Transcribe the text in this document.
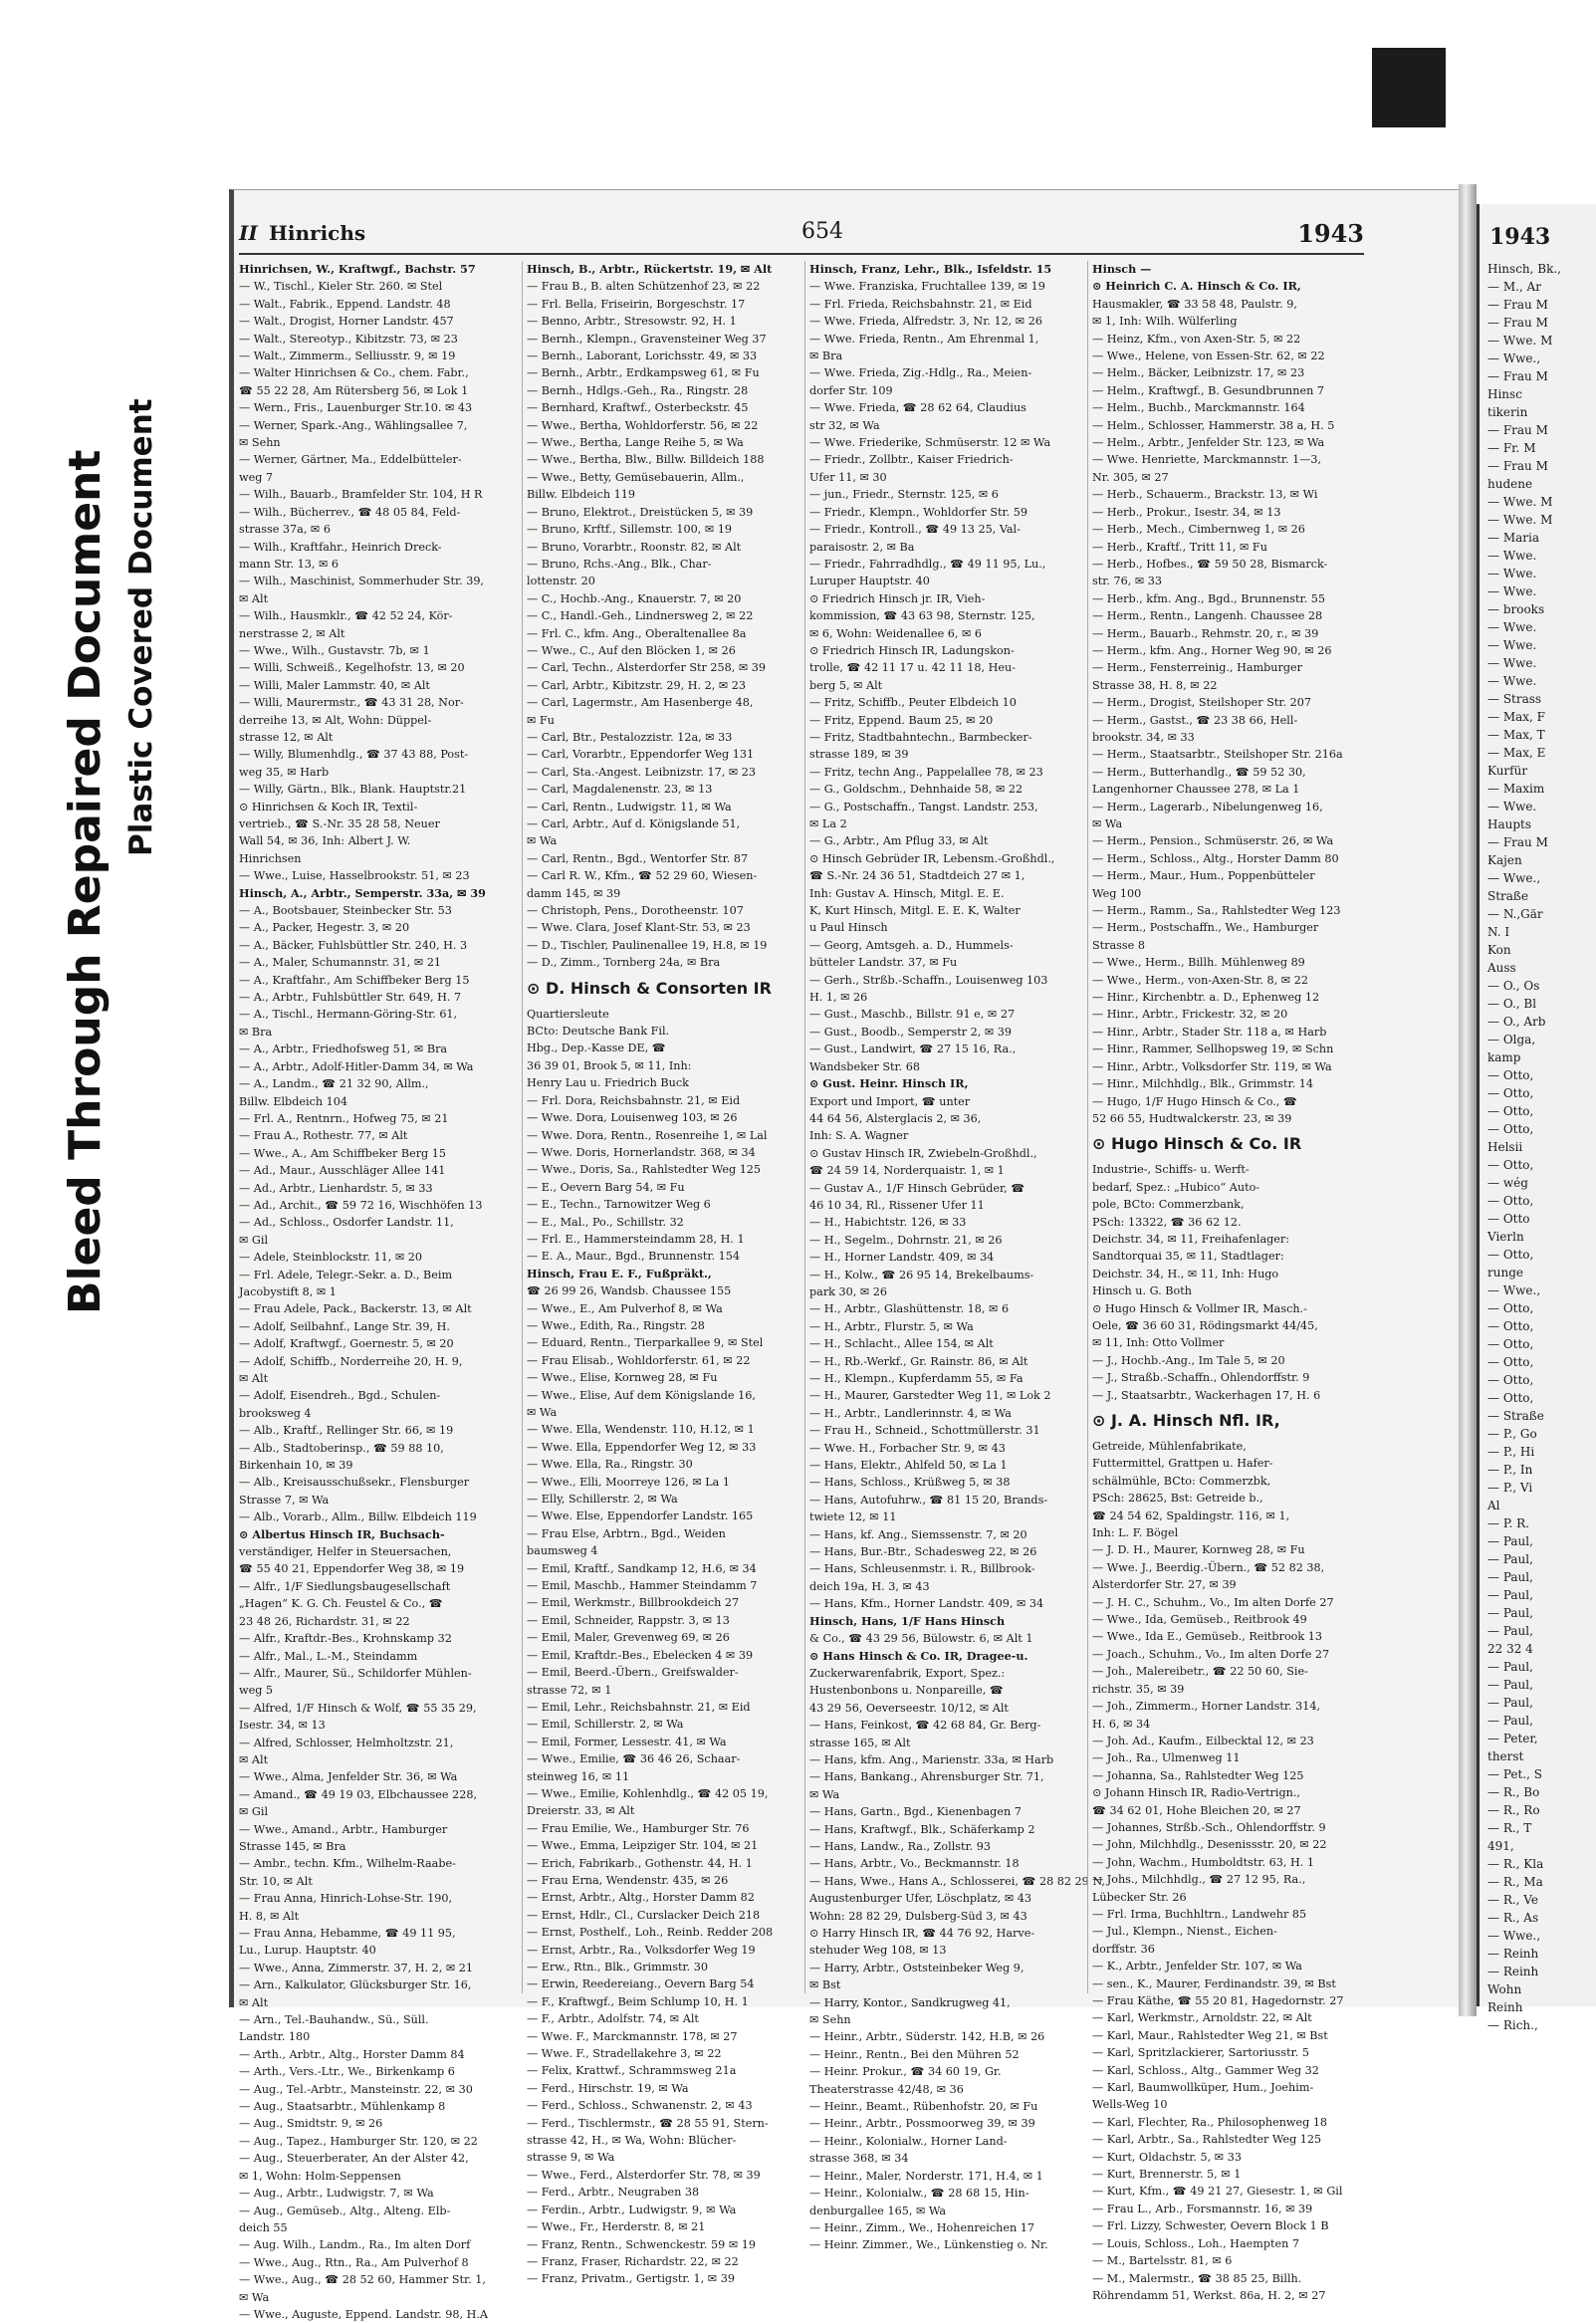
Bleed Through Repaired Document Plastic Covered Document
1943
Hinsch, Bk.,
— M., Ar
— Frau M
— Frau M
— Wwe. M
— Wwe.,
— Frau M
Hinsc
tikerin
— Frau M
— Fr. M
— Frau M
hudene
— Wwe. M
— Wwe. M
— Maria
— Wwe.
— Wwe.
— Wwe.
— brooks
— Wwe.
— Wwe.
— Wwe.
— Wwe.
— Strass
— Max, F
— Max, T
— Max, E
Kurfür
— Maxim
— Wwe.
Haupts
— Frau M
Kajen
— Wwe.,
Straße
— N.,Gär
N. I
Kon
Auss
— O., Os
— O., Bl
— O., Arb
— Olga,
kamp
— Otto,
— Otto,
— Otto,
— Otto,
Helsii
— Otto,
— wég
— Otto,
— Otto
Vierln
— Otto,
runge
— Wwe.,
— Otto,
— Otto,
— Otto,
— Otto,
— Otto,
— Otto,
— Straße
— P., Go
— P., Hi
— P., In
— P., Vi
Al
— P. R.
— Paul,
— Paul,
— Paul,
— Paul,
— Paul,
— Paul,
22 32 4
— Paul,
— Paul,
— Paul,
— Paul,
— Peter,
therst
— Pet., S
— R., Bo
— R., Ro
— R., T
491,
— R., Kla
— R., Ma
— R., Ve
— R., As
— Wwe.,
— Reinh
— Reinh
Wohn
Reinh
— Rich.,
II Hinrichs	654	1943
Hinrichsen, W., Kraftwgf., Bachstr. 57
— W., Tischl., Kieler Str. 260. ✉ Stel
— Walt., Fabrik., Eppend. Landstr. 48
— Walt., Drogist, Horner Landstr. 457
— Walt., Stereotyp., Kibitzstr. 73, ✉ 23
— Walt., Zimmerm., Selliusstr. 9, ✉ 19
— Walter Hinrichsen & Co., chem. Fabr.,
☎ 55 22 28, Am Rütersberg 56, ✉ Lok 1
— Wern., Fris., Lauenburger Str.10. ✉ 43
— Werner, Spark.-Ang., Wählingsallee 7,
✉ Sehn
— Werner, Gärtner, Ma., Eddelbütteler-
weg 7
— Wilh., Bauarb., Bramfelder Str. 104, H R
— Wilh., Bücherrev., ☎ 48 05 84, Feld-
strasse 37a, ✉ 6
— Wilh., Kraftfahr., Heinrich Dreck-
mann Str. 13, ✉ 6
— Wilh., Maschinist, Sommerhuder Str. 39,
✉ Alt
— Wilh., Hausmklr., ☎ 42 52 24, Kör-
nerstrasse 2, ✉ Alt
— Wwe., Wilh., Gustavstr. 7b, ✉ 1
— Willi, Schweiß., Kegelhofstr. 13, ✉ 20
— Willi, Maler Lammstr. 40, ✉ Alt
— Willi, Maurermstr., ☎ 43 31 28, Nor-
derreihe 13, ✉ Alt, Wohn: Düppel-
strasse 12, ✉ Alt
— Willy, Blumenhdlg., ☎ 37 43 88, Post-
weg 35, ✉ Harb
— Willy, Gärtn., Blk., Blank. Hauptstr.21
⊙ Hinrichsen & Koch IR, Textil-
vertrieb., ☎ S.-Nr. 35 28 58, Neuer
Wall 54, ✉ 36, Inh: Albert J. W.
Hinrichsen
— Wwe., Luise, Hasselbrookstr. 51, ✉ 23
Hinsch, A., Arbtr., Semperstr. 33a, ✉ 39
— A., Bootsbauer, Steinbecker Str. 53
— A., Packer, Hegestr. 3, ✉ 20
— A., Bäcker, Fuhlsbüttler Str. 240, H. 3
— A., Maler, Schumannstr. 31, ✉ 21
— A., Kraftfahr., Am Schiffbeker Berg 15
— A., Arbtr., Fuhlsbüttler Str. 649, H. 7
— A., Tischl., Hermann-Göring-Str. 61,
✉ Bra
— A., Arbtr., Friedhofsweg 51, ✉ Bra
— A., Arbtr., Adolf-Hitler-Damm 34, ✉ Wa
— A., Landm., ☎ 21 32 90, Allm.,
Billw. Elbdeich 104
— Frl. A., Rentnrn., Hofweg 75, ✉ 21
— Frau A., Rothestr. 77, ✉ Alt
— Wwe., A., Am Schiffbeker Berg 15
— Ad., Maur., Ausschläger Allee 141
— Ad., Arbtr., Lienhardstr. 5, ✉ 33
— Ad., Archit., ☎ 59 72 16, Wischhöfen 13
— Ad., Schloss., Osdorfer Landstr. 11,
✉ Gil
— Adele, Steinblockstr. 11, ✉ 20
— Frl. Adele, Telegr.-Sekr. a. D., Beim
Jacobystift 8, ✉ 1
— Frau Adele, Pack., Backerstr. 13, ✉ Alt
— Adolf, Seilbahnf., Lange Str. 39, H.
— Adolf, Kraftwgf., Goernestr. 5, ✉ 20
— Adolf, Schiffb., Norderreihe 20, H. 9,
✉ Alt
— Adolf, Eisendreh., Bgd., Schulen-
brooksweg 4
— Alb., Kraftf., Rellinger Str. 66, ✉ 19
— Alb., Stadtoberinsp., ☎ 59 88 10,
Birkenhain 10, ✉ 39
— Alb., Kreisausschußsekr., Flensburger
Strasse 7, ✉ Wa
— Alb., Vorarb., Allm., Billw. Elbdeich 119
⊙ Albertus Hinsch IR, Buchsach-
verständiger, Helfer in Steuersachen,
☎ 55 40 21, Eppendorfer Weg 38, ✉ 19
— Alfr., 1/F Siedlungsbaugesellschaft
„Hagen“ K. G. Ch. Feustel & Co., ☎
23 48 26, Richardstr. 31, ✉ 22
— Alfr., Kraftdr.-Bes., Krohnskamp 32
— Alfr., Mal., L.-M., Steindamm
— Alfr., Maurer, Sü., Schildorfer Mühlen-
weg 5
— Alfred, 1/F Hinsch & Wolf, ☎ 55 35 29,
Isestr. 34, ✉ 13
— Alfred, Schlosser, Helmholtzstr. 21,
✉ Alt
— Wwe., Alma, Jenfelder Str. 36, ✉ Wa
— Amand., ☎ 49 19 03, Elbchaussee 228,
✉ Gil
— Wwe., Amand., Arbtr., Hamburger
Strasse 145, ✉ Bra
— Ambr., techn. Kfm., Wilhelm-Raabe-
Str. 10, ✉ Alt
— Frau Anna, Hinrich-Lohse-Str. 190,
H. 8, ✉ Alt
— Frau Anna, Hebamme, ☎ 49 11 95,
Lu., Lurup. Hauptstr. 40
— Wwe., Anna, Zimmerstr. 37, H. 2, ✉ 21
— Arn., Kalkulator, Glücksburger Str. 16,
✉ Alt
— Arn., Tel.-Bauhandw., Sü., Süll.
Landstr. 180
— Arth., Arbtr., Altg., Horster Damm 84
— Arth., Vers.-Ltr., We., Birkenkamp 6
— Aug., Tel.-Arbtr., Mansteinstr. 22, ✉ 30
— Aug., Staatsarbtr., Mühlenkamp 8
— Aug., Smidtstr. 9, ✉ 26
— Aug., Tapez., Hamburger Str. 120, ✉ 22
— Aug., Steuerberater, An der Alster 42,
✉ 1, Wohn: Holm-Seppensen
— Aug., Arbtr., Ludwigstr. 7, ✉ Wa
— Aug., Gemüseb., Altg., Alteng. Elb-
deich 55
— Aug. Wilh., Landm., Ra., Im alten Dorf
— Wwe., Aug., Rtn., Ra., Am Pulverhof 8
— Wwe., Aug., ☎ 28 52 60, Hammer Str. 1,
✉ Wa
— Wwe., Auguste, Eppend. Landstr. 98, H.A
Hinsch, B., Arbtr., Rückertstr. 19, ✉ Alt
— Frau B., B. alten Schützenhof 23, ✉ 22
— Frl. Bella, Friseirin, Borgeschstr. 17
— Benno, Arbtr., Stresowstr. 92, H. 1
— Bernh., Klempn., Gravensteiner Weg 37
— Bernh., Laborant, Lorichsstr. 49, ✉ 33
— Bernh., Arbtr., Erdkampsweg 61, ✉ Fu
— Bernh., Hdlgs.-Geh., Ra., Ringstr. 28
— Bernhard, Kraftwf., Osterbeckstr. 45
— Wwe., Bertha, Wohldorferstr. 56, ✉ 22
— Wwe., Bertha, Lange Reihe 5, ✉ Wa
— Wwe., Bertha, Blw., Billw. Billdeich 188
— Wwe., Betty, Gemüsebauerin, Allm.,
Billw. Elbdeich 119
— Bruno, Elektrot., Dreistücken 5, ✉ 39
— Bruno, Krftf., Sillemstr. 100, ✉ 19
— Bruno, Vorarbtr., Roonstr. 82, ✉ Alt
— Bruno, Rchs.-Ang., Blk., Char-
lottenstr. 20
— C., Hochb.-Ang., Knauerstr. 7, ✉ 20
— C., Handl.-Geh., Lindnersweg 2, ✉ 22
— Frl. C., kfm. Ang., Oberaltenallee 8a
— Wwe., C., Auf den Blöcken 1, ✉ 26
— Carl, Techn., Alsterdorfer Str 258, ✉ 39
— Carl, Arbtr., Kibitzstr. 29, H. 2, ✉ 23
— Carl, Lagermstr., Am Hasenberge 48,
✉ Fu
— Carl, Btr., Pestalozzistr. 12a, ✉ 33
— Carl, Vorarbtr., Eppendorfer Weg 131
— Carl, Sta.-Angest. Leibnizstr. 17, ✉ 23
— Carl, Magdalenenstr. 23, ✉ 13
— Carl, Rentn., Ludwigstr. 11, ✉ Wa
— Carl, Arbtr., Auf d. Königslande 51,
✉ Wa
— Carl, Rentn., Bgd., Wentorfer Str. 87
— Carl R. W., Kfm., ☎ 52 29 60, Wiesen-
damm 145, ✉ 39
— Christoph, Pens., Dorotheenstr. 107
— Wwe. Clara, Josef Klant-Str. 53, ✉ 23
— D., Tischler, Paulinenallee 19, H.8, ✉ 19
— D., Zimm., Tornberg 24a, ✉ Bra
⊙ D. Hinsch & Consorten IR
Quartiersleute
BCto: Deutsche Bank Fil.
Hbg., Dep.-Kasse DE, ☎
36 39 01, Brook 5, ✉ 11, Inh:
Henry Lau u. Friedrich Buck
— Frl. Dora, Reichsbahnstr. 21, ✉ Eid
— Wwe. Dora, Louisenweg 103, ✉ 26
— Wwe. Dora, Rentn., Rosenreihe 1, ✉ Lal
— Wwe. Doris, Hornerlandstr. 368, ✉ 34
— Wwe., Doris, Sa., Rahlstedter Weg 125
— E., Oevern Barg 54, ✉ Fu
— E., Techn., Tarnowitzer Weg 6
— E., Mal., Po., Schillstr. 32
— Frl. E., Hammersteindamm 28, H. 1
— E. A., Maur., Bgd., Brunnenstr. 154
Hinsch, Frau E. F., Fußpräkt.,
☎ 26 99 26, Wandsb. Chaussee 155
— Wwe., E., Am Pulverhof 8, ✉ Wa
— Wwe., Edith, Ra., Ringstr. 28
— Eduard, Rentn., Tierparkallee 9, ✉ Stel
— Frau Elisab., Wohldorferstr. 61, ✉ 22
— Wwe., Elise, Kornweg 28, ✉ Fu
— Wwe., Elise, Auf dem Königslande 16,
✉ Wa
— Wwe. Ella, Wendenstr. 110, H.12, ✉ 1
— Wwe. Ella, Eppendorfer Weg 12, ✉ 33
— Wwe. Ella, Ra., Ringstr. 30
— Wwe., Elli, Moorreye 126, ✉ La 1
— Elly, Schillerstr. 2, ✉ Wa
— Wwe. Else, Eppendorfer Landstr. 165
— Frau Else, Arbtrn., Bgd., Weiden
baumsweg 4
— Emil, Kraftf., Sandkamp 12, H.6, ✉ 34
— Emil, Maschb., Hammer Steindamm 7
— Emil, Werkmstr., Billbrookdeich 27
— Emil, Schneider, Rappstr. 3, ✉ 13
— Emil, Maler, Grevenweg 69, ✉ 26
— Emil, Kraftdr.-Bes., Ebelecken 4 ✉ 39
— Emil, Beerd.-Übern., Greifswalder-
strasse 72, ✉ 1
— Emil, Lehr., Reichsbahnstr. 21, ✉ Eid
— Emil, Schillerstr. 2, ✉ Wa
— Emil, Former, Lessestr. 41, ✉ Wa
— Wwe., Emilie, ☎ 36 46 26, Schaar-
steinweg 16, ✉ 11
— Wwe., Emilie, Kohlenhdlg., ☎ 42 05 19,
Dreierstr. 33, ✉ Alt
— Frau Emilie, We., Hamburger Str. 76
— Wwe., Emma, Leipziger Str. 104, ✉ 21
— Erich, Fabrikarb., Gothenstr. 44, H. 1
— Frau Erna, Wendenstr. 435, ✉ 26
— Ernst, Arbtr., Altg., Horster Damm 82
— Ernst, Hdlr., Cl., Curslacker Deich 218
— Ernst, Posthelf., Loh., Reinb. Redder 208
— Ernst, Arbtr., Ra., Volksdorfer Weg 19
— Erw., Rtn., Blk., Grimmstr. 30
— Erwin, Reedereiang., Oevern Barg 54
— F., Kraftwgf., Beim Schlump 10, H. 1
— F., Arbtr., Adolfstr. 74, ✉ Alt
— Wwe. F., Marckmannstr. 178, ✉ 27
— Wwe. F., Stradellakehre 3, ✉ 22
— Felix, Krattwf., Schrammsweg 21a
— Ferd., Hirschstr. 19, ✉ Wa
— Ferd., Schloss., Schwanenstr. 2, ✉ 43
— Ferd., Tischlermstr., ☎ 28 55 91, Stern-
strasse 42, H., ✉ Wa, Wohn: Blücher-
strasse 9, ✉ Wa
— Wwe., Ferd., Alsterdorfer Str. 78, ✉ 39
— Ferd., Arbtr., Neugraben 38
— Ferdin., Arbtr., Ludwigstr. 9, ✉ Wa
— Wwe., Fr., Herderstr. 8, ✉ 21
— Franz, Rentn., Schwenckestr. 59 ✉ 19
— Franz, Fraser, Richardstr. 22, ✉ 22
— Franz, Privatm., Gertigstr. 1, ✉ 39
Hinsch, Franz, Lehr., Blk., Isfeldstr. 15
— Wwe. Franziska, Fruchtallee 139, ✉ 19
— Frl. Frieda, Reichsbahnstr. 21, ✉ Eid
— Wwe. Frieda, Alfredstr. 3, Nr. 12, ✉ 26
— Wwe. Frieda, Rentn., Am Ehrenmal 1,
✉ Bra
— Wwe. Frieda, Zig.-Hdlg., Ra., Meien-
dorfer Str. 109
— Wwe. Frieda, ☎ 28 62 64, Claudius
str 32, ✉ Wa
— Wwe. Friederike, Schmüserstr. 12 ✉ Wa
— Friedr., Zollbtr., Kaiser Friedrich-
Ufer 11, ✉ 30
— jun., Friedr., Sternstr. 125, ✉ 6
— Friedr., Klempn., Wohldorfer Str. 59
— Friedr., Kontroll., ☎ 49 13 25, Val-
paraisostr. 2, ✉ Ba
— Friedr., Fahrradhdlg., ☎ 49 11 95, Lu.,
Luruper Hauptstr. 40
⊙ Friedrich Hinsch jr. IR, Vieh-
kommission, ☎ 43 63 98, Sternstr. 125,
✉ 6, Wohn: Weidenallee 6, ✉ 6
⊙ Friedrich Hinsch IR, Ladungskon-
trolle, ☎ 42 11 17 u. 42 11 18, Heu-
berg 5, ✉ Alt
— Fritz, Schiffb., Peuter Elbdeich 10
— Fritz, Eppend. Baum 25, ✉ 20
— Fritz, Stadtbahntechn., Barmbecker-
strasse 189, ✉ 39
— Fritz, techn Ang., Pappelallee 78, ✉ 23
— G., Goldschm., Dehnhaide 58, ✉ 22
— G., Postschaffn., Tangst. Landstr. 253,
✉ La 2
— G., Arbtr., Am Pflug 33, ✉ Alt
⊙ Hinsch Gebrüder IR, Lebensm.-Großhdl.,
☎ S.-Nr. 24 36 51, Stadtdeich 27 ✉ 1,
Inh: Gustav A. Hinsch, Mitgl. E. E.
K, Kurt Hinsch, Mitgl. E. E. K, Walter
u Paul Hinsch
— Georg, Amtsgeh. a. D., Hummels-
bütteler Landstr. 37, ✉ Fu
— Gerh., Strßb.-Schaffn., Louisenweg 103
H. 1, ✉ 26
— Gust., Maschb., Billstr. 91 e, ✉ 27
— Gust., Boodb., Semperstr 2, ✉ 39
— Gust., Landwirt, ☎ 27 15 16, Ra.,
Wandsbeker Str. 68
⊙ Gust. Heinr. Hinsch IR,
Export und Import, ☎ unter
44 64 56, Alsterglacis 2, ✉ 36,
Inh: S. A. Wagner
⊙ Gustav Hinsch IR, Zwiebeln-Großhdl.,
☎ 24 59 14, Norderquaistr. 1, ✉ 1
— Gustav A., 1/F Hinsch Gebrüder, ☎
46 10 34, Rl., Rissener Ufer 11
— H., Habichtstr. 126, ✉ 33
— H., Segelm., Dohrnstr. 21, ✉ 26
— H., Horner Landstr. 409, ✉ 34
— H., Kolw., ☎ 26 95 14, Brekelbaums-
park 30, ✉ 26
— H., Arbtr., Glashüttenstr. 18, ✉ 6
— H., Arbtr., Flurstr. 5, ✉ Wa
— H., Schlacht., Allee 154, ✉ Alt
— H., Rb.-Werkf., Gr. Rainstr. 86, ✉ Alt
— H., Klempn., Kupferdamm 55, ✉ Fa
— H., Maurer, Garstedter Weg 11, ✉ Lok 2
— H., Arbtr., Landlerinnstr. 4, ✉ Wa
— Frau H., Schneid., Schottmüllerstr. 31
— Wwe. H., Forbacher Str. 9, ✉ 43
— Hans, Elektr., Ahlfeld 50, ✉ La 1
— Hans, Schloss., Krüßweg 5, ✉ 38
— Hans, Autofuhrw., ☎ 81 15 20, Brands-
twiete 12, ✉ 11
— Hans, kf. Ang., Siemssenstr. 7, ✉ 20
— Hans, Bur.-Btr., Schadesweg 22, ✉ 26
— Hans, Schleusenmstr. i. R., Billbrook-
deich 19a, H. 3, ✉ 43
— Hans, Kfm., Horner Landstr. 409, ✉ 34
Hinsch, Hans, 1/F Hans Hinsch
& Co., ☎ 43 29 56, Bülowstr. 6, ✉ Alt 1
⊙ Hans Hinsch & Co. IR, Dragee-u.
Zuckerwarenfabrik, Export, Spez.:
Hustenbonbons u. Nonpareille, ☎
43 29 56, Oeverseestr. 10/12, ✉ Alt
— Hans, Feinkost, ☎ 42 68 84, Gr. Berg-
strasse 165, ✉ Alt
— Hans, kfm. Ang., Marienstr. 33a, ✉ Harb
— Hans, Bankang., Ahrensburger Str. 71,
✉ Wa
— Hans, Gartn., Bgd., Kienenbagen 7
— Hans, Kraftwgf., Blk., Schäferkamp 2
— Hans, Landw., Ra., Zollstr. 93
— Hans, Arbtr., Vo., Beckmannstr. 18
— Hans, Wwe., Hans A., Schlosserei, ☎ 28 82 29 N,
Augustenburger Ufer, Löschplatz, ✉ 43
Wohn: 28 82 29, Dulsberg-Süd 3, ✉ 43
⊙ Harry Hinsch IR, ☎ 44 76 92, Harve-
stehuder Weg 108, ✉ 13
— Harry, Arbtr., Oststeinbeker Weg 9,
✉ Bst
— Harry, Kontor., Sandkrugweg 41,
✉ Sehn
— Heinr., Arbtr., Süderstr. 142, H.B, ✉ 26
— Heinr., Rentn., Bei den Mühren 52
— Heinr. Prokur., ☎ 34 60 19, Gr.
Theaterstrasse 42/48, ✉ 36
— Heinr., Beamt., Rübenhofstr. 20, ✉ Fu
— Heinr., Arbtr., Possmoorweg 39, ✉ 39
— Heinr., Kolonialw., Horner Land-
strasse 368, ✉ 34
— Heinr., Maler, Norderstr. 171, H.4, ✉ 1
— Heinr., Kolonialw., ☎ 28 68 15, Hin-
denburgallee 165, ✉ Wa
— Heinr., Zimm., We., Hohenreichen 17
— Heinr. Zimmer., We., Lünkenstieg o. Nr.
Hinsch —
⊙ Heinrich C. A. Hinsch & Co. IR,
Hausmakler, ☎ 33 58 48, Paulstr. 9,
✉ 1, Inh: Wilh. Wülferling
— Heinz, Kfm., von Axen-Str. 5, ✉ 22
— Wwe., Helene, von Essen-Str. 62, ✉ 22
— Helm., Bäcker, Leibnizstr. 17, ✉ 23
— Helm., Kraftwgf., B. Gesundbrunnen 7
— Helm., Buchb., Marckmannstr. 164
— Helm., Schlosser, Hammerstr. 38 a, H. 5
— Helm., Arbtr., Jenfelder Str. 123, ✉ Wa
— Wwe. Henriette, Marckmannstr. 1—3,
Nr. 305, ✉ 27
— Herb., Schauerm., Brackstr. 13, ✉ Wi
— Herb., Prokur., Isestr. 34, ✉ 13
— Herb., Mech., Cimbernweg 1, ✉ 26
— Herb., Kraftf., Tritt 11, ✉ Fu
— Herb., Hofbes., ☎ 59 50 28, Bismarck-
str. 76, ✉ 33
— Herb., kfm. Ang., Bgd., Brunnenstr. 55
— Herm., Rentn., Langenh. Chaussee 28
— Herm., Bauarb., Rehmstr. 20, r., ✉ 39
— Herm., kfm. Ang., Horner Weg 90, ✉ 26
— Herm., Fensterreinig., Hamburger
Strasse 38, H. 8, ✉ 22
— Herm., Drogist, Steilshoper Str. 207
— Herm., Gastst., ☎ 23 38 66, Hell-
brookstr. 34, ✉ 33
— Herm., Staatsarbtr., Steilshoper Str. 216a
— Herm., Butterhandlg., ☎ 59 52 30,
Langenhorner Chaussee 278, ✉ La 1
— Herm., Lagerarb., Nibelungenweg 16,
✉ Wa
— Herm., Pension., Schmüserstr. 26, ✉ Wa
— Herm., Schloss., Altg., Horster Damm 80
— Herm., Maur., Hum., Poppenbütteler
Weg 100
— Herm., Ramm., Sa., Rahlstedter Weg 123
— Herm., Postschaffn., We., Hamburger
Strasse 8
— Wwe., Herm., Billh. Mühlenweg 89
— Wwe., Herm., von-Axen-Str. 8, ✉ 22
— Hinr., Kirchenbtr. a. D., Ephenweg 12
— Hinr., Arbtr., Frickestr. 32, ✉ 20
— Hinr., Arbtr., Stader Str. 118 a, ✉ Harb
— Hinr., Rammer, Sellhopsweg 19, ✉ Schn
— Hinr., Arbtr., Volksdorfer Str. 119, ✉ Wa
— Hinr., Milchhdlg., Blk., Grimmstr. 14
— Hugo, 1/F Hugo Hinsch & Co., ☎
52 66 55, Hudtwalckerstr. 23, ✉ 39
⊙ Hugo Hinsch & Co. IR
Industrie-, Schiffs- u. Werft-
bedarf, Spez.: „Hubico“ Auto-
pole, BCto: Commerzbank,
PSch: 13322, ☎ 36 62 12.
Deichstr. 34, ✉ 11, Freihafenlager:
Sandtorquai 35, ✉ 11, Stadtlager:
Deichstr. 34, H., ✉ 11, Inh: Hugo
Hinsch u. G. Both
⊙ Hugo Hinsch & Vollmer IR, Masch.-
Oele, ☎ 36 60 31, Rödingsmarkt 44/45,
✉ 11, Inh: Otto Vollmer
— J., Hochb.-Ang., Im Tale 5, ✉ 20
— J., Straßb.-Schaffn., Ohlendorffstr. 9
— J., Staatsarbtr., Wackerhagen 17, H. 6
⊙ J. A. Hinsch Nfl. IR,
Getreide, Mühlenfabrikate,
Futtermittel, Grattpen u. Hafer-
schälmühle, BCto: Commerzbk,
PSch: 28625, Bst: Getreide b.,
☎ 24 54 62, Spaldingstr. 116, ✉ 1,
Inh: L. F. Bögel
— J. D. H., Maurer, Kornweg 28, ✉ Fu
— Wwe. J., Beerdig.-Übern., ☎ 52 82 38,
Alsterdorfer Str. 27, ✉ 39
— J. H. C., Schuhm., Vo., Im alten Dorfe 27
— Wwe., Ida, Gemüseb., Reitbrook 49
— Wwe., Ida E., Gemüseb., Reitbrook 13
— Joach., Schuhm., Vo., Im alten Dorfe 27
— Joh., Malereibetr., ☎ 22 50 60, Sie-
richstr. 35, ✉ 39
— Joh., Zimmerm., Horner Landstr. 314,
H. 6, ✉ 34
— Joh. Ad., Kaufm., Eilbecktal 12, ✉ 23
— Joh., Ra., Ulmenweg 11
— Johanna, Sa., Rahlstedter Weg 125
⊙ Johann Hinsch IR, Radio-Vertrign.,
☎ 34 62 01, Hohe Bleichen 20, ✉ 27
— Johannes, Strßb.-Sch., Ohlendorffstr. 9
— John, Milchhdlg., Desenissstr. 20, ✉ 22
— John, Wachm., Humboldtstr. 63, H. 1
— Johs., Milchhdlg., ☎ 27 12 95, Ra.,
Lübecker Str. 26
— Frl. Irma, Buchhltrn., Landwehr 85
— Jul., Klempn., Nienst., Eichen-
dorffstr. 36
— K., Arbtr., Jenfelder Str. 107, ✉ Wa
— sen., K., Maurer, Ferdinandstr. 39, ✉ Bst
— Frau Käthe, ☎ 55 20 81, Hagedornstr. 27
— Karl, Werkmstr., Arnoldstr. 22, ✉ Alt
— Karl, Maur., Rahlstedter Weg 21, ✉ Bst
— Karl, Spritzlackierer, Sartoriusstr. 5
— Karl, Schloss., Altg., Gammer Weg 32
— Karl, Baumwollküper, Hum., Joehim-
Wells-Weg 10
— Karl, Flechter, Ra., Philosophenweg 18
— Karl, Arbtr., Sa., Rahlstedter Weg 125
— Kurt, Oldachstr. 5, ✉ 33
— Kurt, Brennerstr. 5, ✉ 1
— Kurt, Kfm., ☎ 49 21 27, Giesestr. 1, ✉ Gil
— Frau L., Arb., Forsmannstr. 16, ✉ 39
— Frl. Lizzy, Schwester, Oevern Block 1 B
— Louis, Schloss., Loh., Haempten 7
— M., Bartelsstr. 81, ✉ 6
— M., Malermstr., ☎ 38 85 25, Billh.
Röhrendamm 51, Werkst. 86a, H. 2, ✉ 27
